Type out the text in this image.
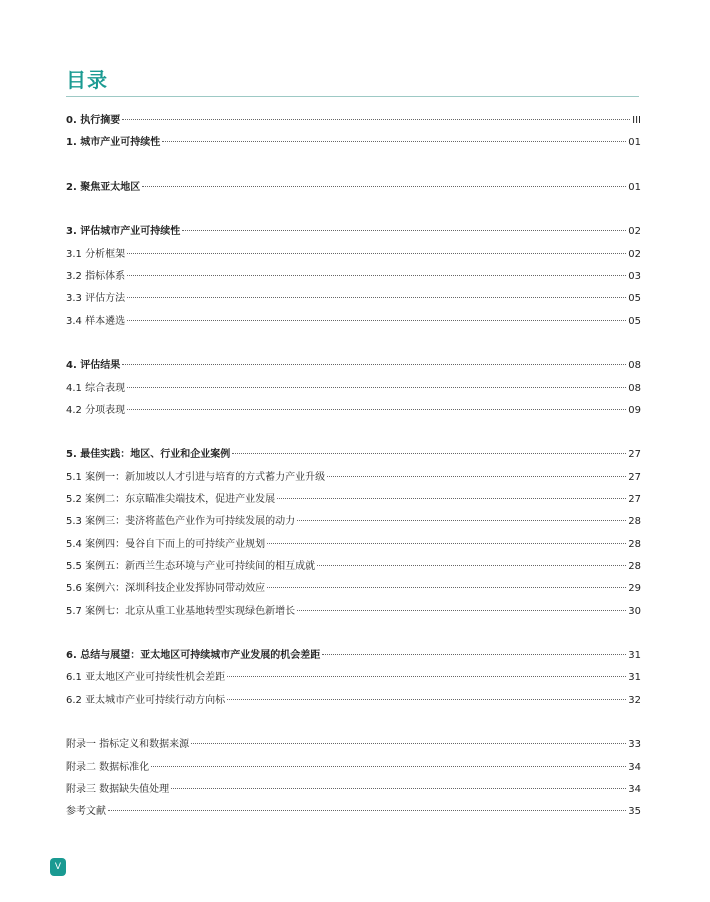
目录
0. 执行摘要	III
1. 城市产业可持续性	01
2. 聚焦亚太地区	01
3. 评估城市产业可持续性	02
3.1 分析框架	02
3.2 指标体系	03
3.3 评估方法	05
3.4 样本遴选	05
4. 评估结果	08
4.1 综合表现	08
4.2 分项表现	09
5. 最佳实践：地区、行业和企业案例	27
5.1 案例一：新加坡以人才引进与培育的方式蓄力产业升级	27
5.2 案例二：东京瞄准尖端技术，促进产业发展	27
5.3 案例三：斐济将蓝色产业作为可持续发展的动力	28
5.4 案例四：曼谷自下而上的可持续产业规划	28
5.5 案例五：新西兰生态环境与产业可持续间的相互成就	28
5.6 案例六：深圳科技企业发挥协同带动效应	29
5.7 案例七：北京从重工业基地转型实现绿色新增长	30
6. 总结与展望：亚太地区可持续城市产业发展的机会差距	31
6.1 亚太地区产业可持续性机会差距	31
6.2 亚太城市产业可持续行动方向标	32
附录一 指标定义和数据来源	33
附录二 数据标准化	34
附录三 数据缺失值处理	34
参考文献	35
V
